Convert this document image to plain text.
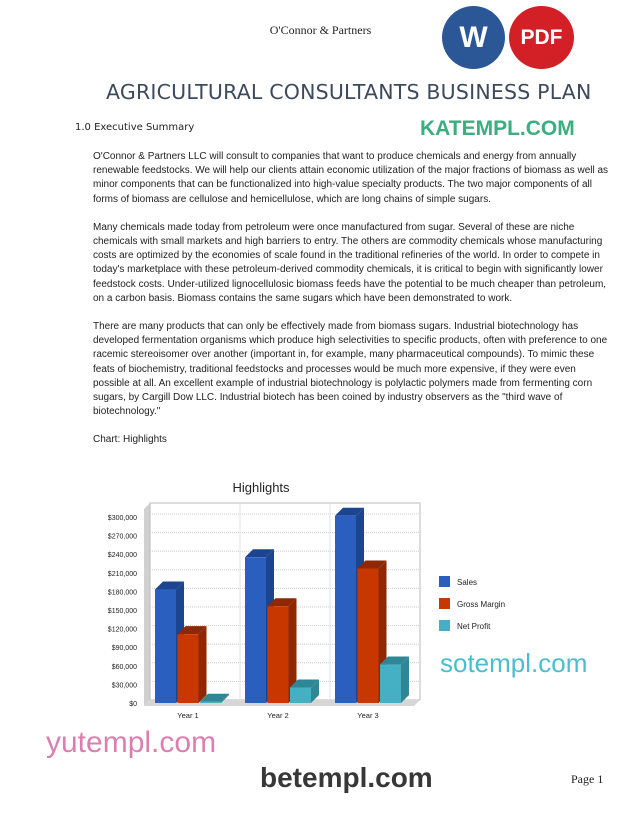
O'Connor & Partners	W	PDF
AGRICULTURAL CONSULTANTS BUSINESS PLAN
1.0 Executive Summary

O'Connor & Partners LLC will consult to companies that want to produce chemicals and energy from annually renewable feedstocks. We will help our clients attain economic utilization of the major fractions of biomass as well as minor components that can be functionalized into high-value specialty products. The two major components of all forms of biomass are cellulose and hemicellulose, which are long chains of simple sugars.

Many chemicals made today from petroleum were once manufactured from sugar. Several of these are niche chemicals with small markets and high barriers to entry. The others are commodity chemicals whose manufacturing costs are optimized by the economies of scale found in the traditional refineries of the world. In order to compete in today's marketplace with these petroleum-derived commodity chemicals, it is critical to begin with significantly lower feedstock costs. Under-utilized lignocellulosic biomass feeds have the potential to be much cheaper than petroleum, on a carbon basis. Biomass contains the same sugars which have been demonstrated to work.

There are many products that can only be effectively made from biomass sugars. Industrial biotechnology has developed fermentation organisms which produce high selectivities to specific products, often with preference to one racemic stereoisomer over another (important in, for example, many pharmaceutical compounds). To mimic these feats of biochemistry, traditional feedstocks and processes would be much more expensive, if they were even possible at all. An excellent example of industrial biotechnology is polylactic polymers made from fermenting corn sugars, by Cargill Dow LLC. Industrial biotech has been coined by industry observers as the "third wave of biotechnology."

Chart: Highlights

Highlights
$0
$30,000
$60,000
$90,000
$120,000
$150,000
$180,000
$210,000
$240,000
$270,000
$300,000
Year 1	Year 2	Year 3
Sales
Gross Margin
Net Profit
KATEMPL.COM
betempl.com
sotempl.com
yutempl.com
Page 1
